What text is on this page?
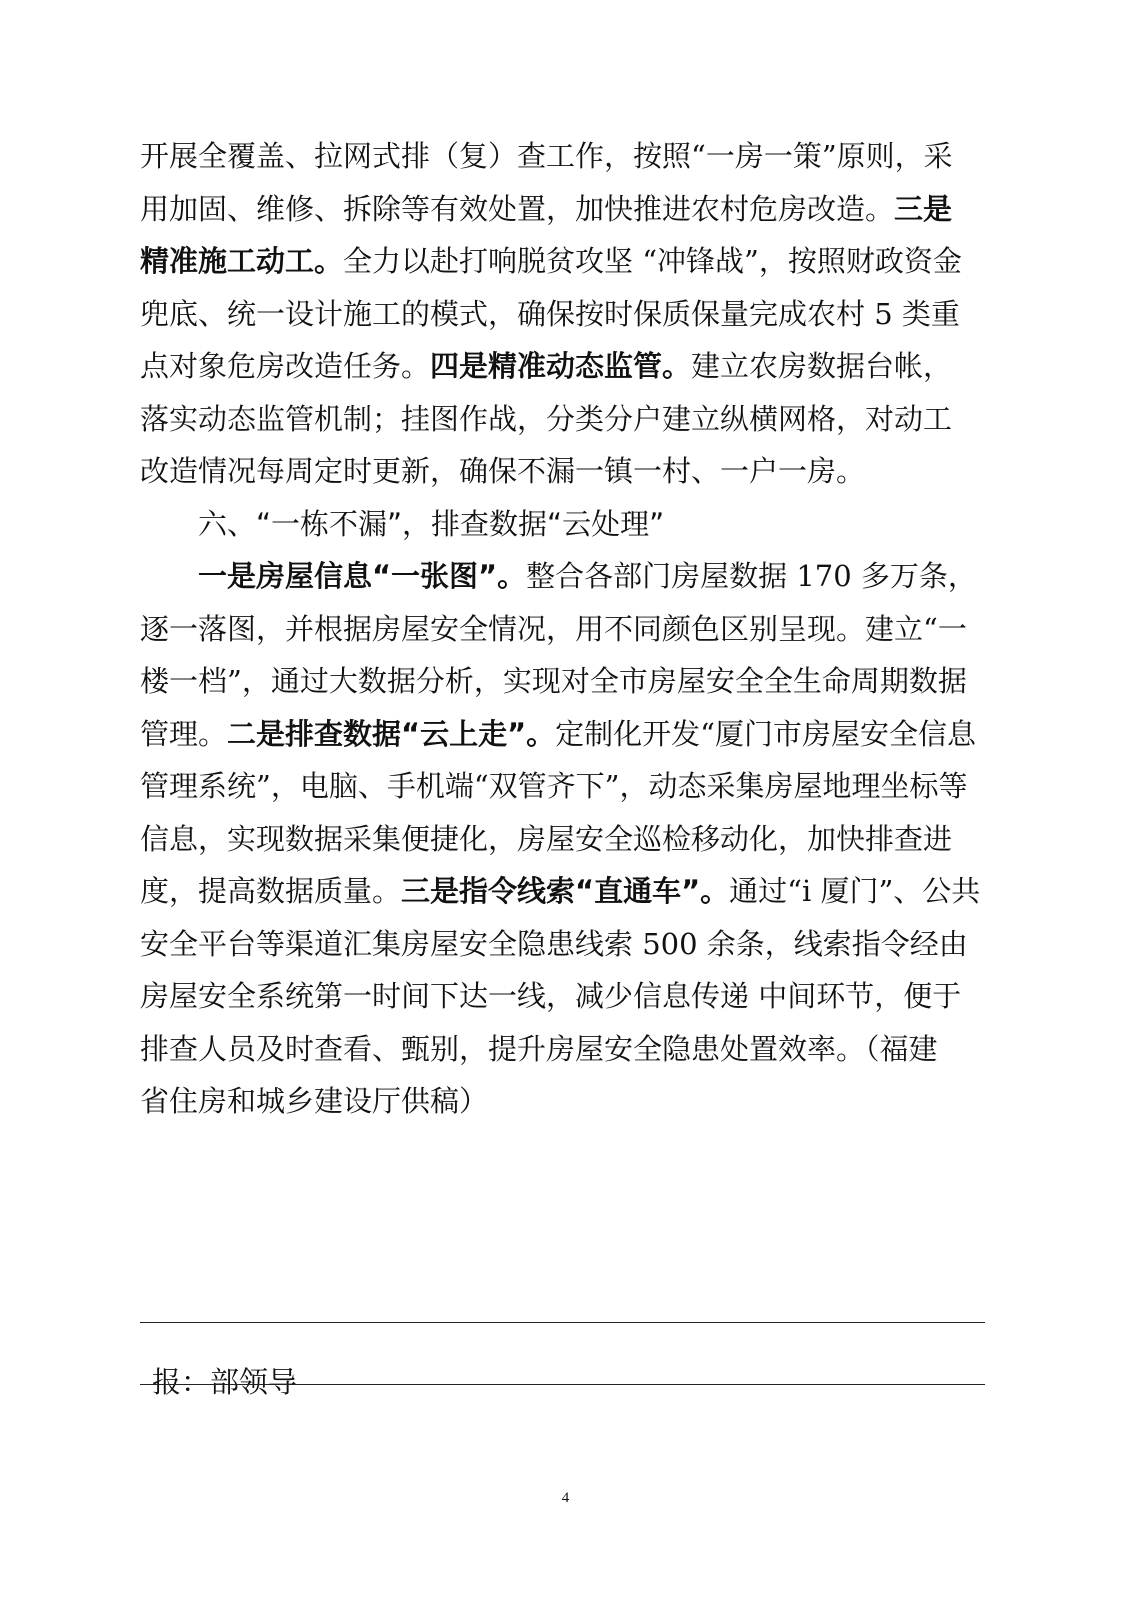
开展全覆盖、拉网式排（复）查工作，按照“一房一策”原则，采
用加固、维修、拆除等有效处置，加快推进农村危房改造。三是
精准施工动工。全力以赴打响脱贫攻坚 “冲锋战”，按照财政资金
兜底、统一设计施工的模式，确保按时保质保量完成农村 5 类重
点对象危房改造任务。四是精准动态监管。建立农房数据台帐，
落实动态监管机制；挂图作战，分类分户建立纵横网格，对动工
改造情况每周定时更新，确保不漏一镇一村、一户一房。
六、“一栋不漏”，排查数据“云处理”
一是房屋信息“一张图”。整合各部门房屋数据 170 多万条，
逐一落图，并根据房屋安全情况，用不同颜色区别呈现。建立“一
楼一档”，通过大数据分析，实现对全市房屋安全全生命周期数据
管理。二是排查数据“云上走”。定制化开发“厦门市房屋安全信息
管理系统”，电脑、手机端“双管齐下”，动态采集房屋地理坐标等
信息，实现数据采集便捷化，房屋安全巡检移动化，加快排查进
度，提高数据质量。三是指令线索“直通车”。通过“i 厦门”、公共
安全平台等渠道汇集房屋安全隐患线索 500 余条，线索指令经由
房屋安全系统第一时间下达一线，减少信息传递 中间环节，便于
排查人员及时查看、甄别，提升房屋安全隐患处置效率。（福建
省住房和城乡建设厅供稿）
报：部领导
4
